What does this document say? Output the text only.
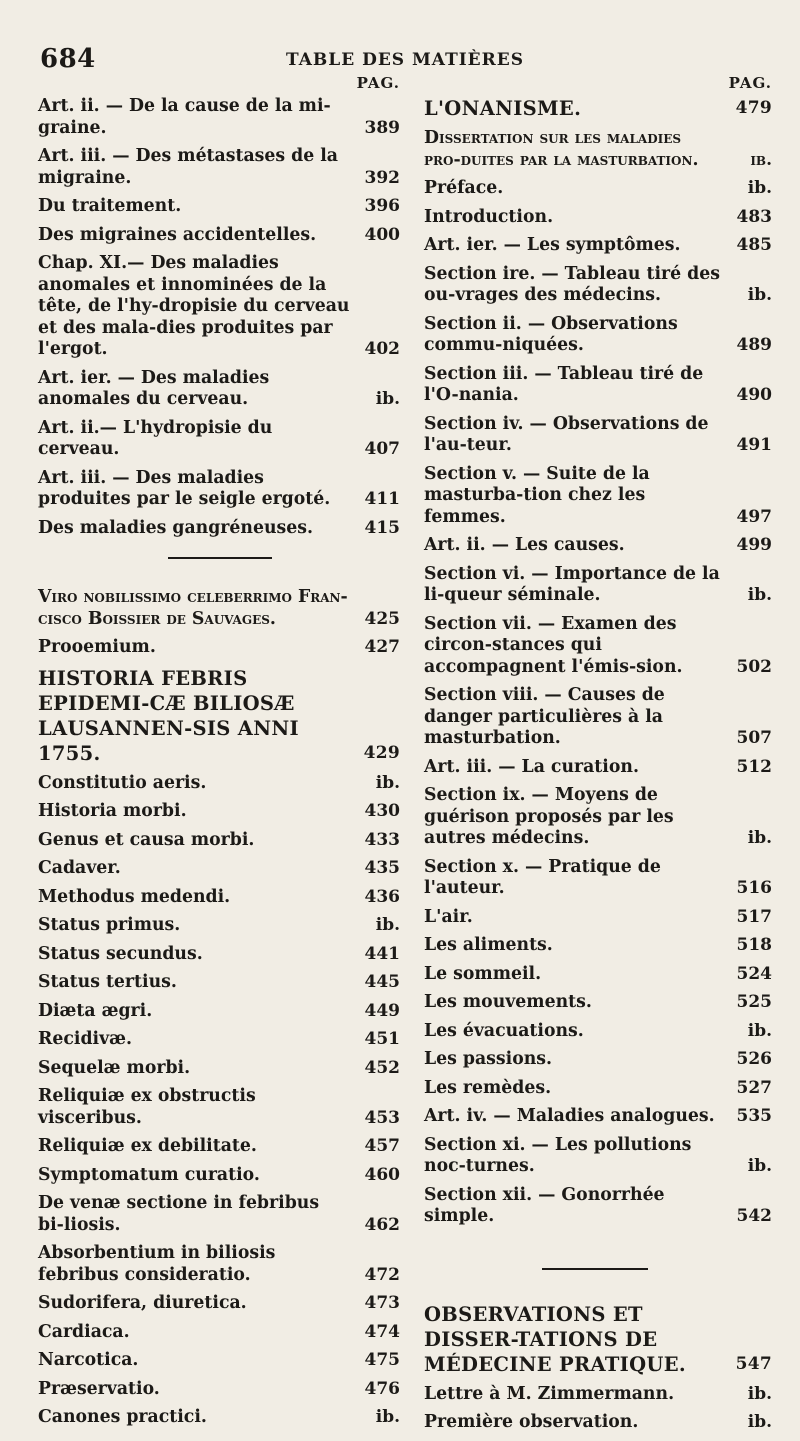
684	TABLE DES MATIÈRES
PAG.
Art. ii. — De la cause de la mi-graine.	389
Art. iii. — Des métastases de la migraine.	392
Du traitement.	396
Des migraines accidentelles.	400
Chap. XI.— Des maladies anomales et innominées de la tête, de l'hy-dropisie du cerveau et des mala-dies produites par l'ergot.	402
Art. ier. — Des maladies anomales du cerveau.	ib.
Art. ii.— L'hydropisie du cerveau.	407
Art. iii. — Des maladies produites par le seigle ergoté.	411
Des maladies gangréneuses.	415
Viro nobilissimo celeberrimo Fran-cisco Boissier de Sauvages.	425
Prooemium.	427
HISTORIA FEBRIS EPIDEMI-CÆ BILIOSÆ LAUSANNEN-SIS ANNI 1755.	429
Constitutio aeris.	ib.
Historia morbi.	430
Genus et causa morbi.	433
Cadaver.	435
Methodus medendi.	436
Status primus.	ib.
Status secundus.	441
Status tertius.	445
Diæta ægri.	449
Recidivæ.	451
Sequelæ morbi.	452
Reliquiæ ex obstructis visceribus.	453
Reliquiæ ex debilitate.	457
Symptomatum curatio.	460
De venæ sectione in febribus bi-liosis.	462
Absorbentium in biliosis febribus consideratio.	472
Sudorifera, diuretica.	473
Cardiaca.	474
Narcotica.	475
Præservatio.	476
Canones practici.	ib.
PAG.
L'ONANISME.	479
Dissertation sur les maladies pro-duites par la masturbation.	ib.
Préface.	ib.
Introduction.	483
Art. ier. — Les symptômes.	485
Section ire. — Tableau tiré des ou-vrages des médecins.	ib.
Section ii. — Observations commu-niquées.	489
Section iii. — Tableau tiré de l'O-nania.	490
Section iv. — Observations de l'au-teur.	491
Section v. — Suite de la masturba-tion chez les femmes.	497
Art. ii. — Les causes.	499
Section vi. — Importance de la li-queur séminale.	ib.
Section vii. — Examen des circon-stances qui accompagnent l'émis-sion.	502
Section viii. — Causes de danger particulières à la masturbation.	507
Art. iii. — La curation.	512
Section ix. — Moyens de guérison proposés par les autres médecins.	ib.
Section x. — Pratique de l'auteur.	516
L'air.	517
Les aliments.	518
Le sommeil.	524
Les mouvements.	525
Les évacuations.	ib.
Les passions.	526
Les remèdes.	527
Art. iv. — Maladies analogues.	535
Section xi. — Les pollutions noc-turnes.	ib.
Section xii. — Gonorrhée simple.	542
OBSERVATIONS ET DISSER-TATIONS DE MÉDECINE PRATIQUE.	547
Lettre à M. Zimmermann.	ib.
Première observation.	ib.
